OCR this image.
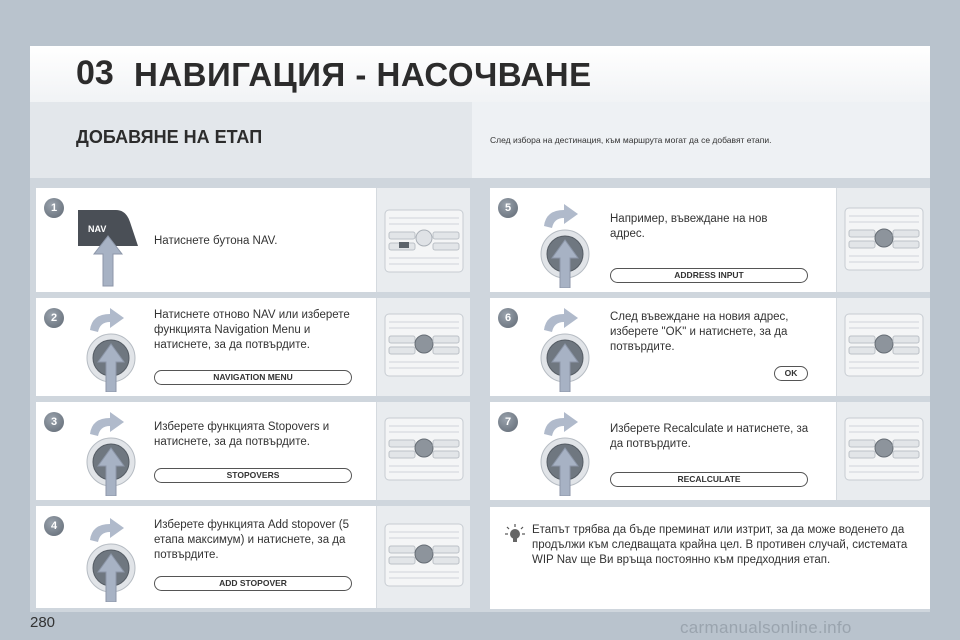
03 НАВИГАЦИЯ - НАСОЧВАНЕ
ДОБАВЯНЕ НА ЕТАП	След избора на дестинация, към маршрута могат да се добавят етапи.
1
NAV
Натиснете бутона NAV.
2	Натиснете отново NAV или изберете функцията Navigation Menu и натиснете, за да потвърдите.
NAVIGATION MENU
3	Изберете функцията Stopovers и натиснете, за да потвърдите.
STOPOVERS
4	Изберете функцията Add stopover (5 етапа максимум) и натиснете, за да потвърдите.
ADD STOPOVER
5
Например, въвеждане на нов адрес.
ADDRESS INPUT
6	След въвеждане на новия адрес, изберете "OK" и натиснете, за да потвърдите.
OK
7
Изберете Recalculate и натиснете, за да потвърдите.
RECALCULATE
Етапът трябва да бъде преминат или изтрит, за да може воденето да продължи към следващата крайна цел. В противен случай, системата WIP Nav ще Ви връща постоянно към предходния етап.
280	carmanualsonline.info
